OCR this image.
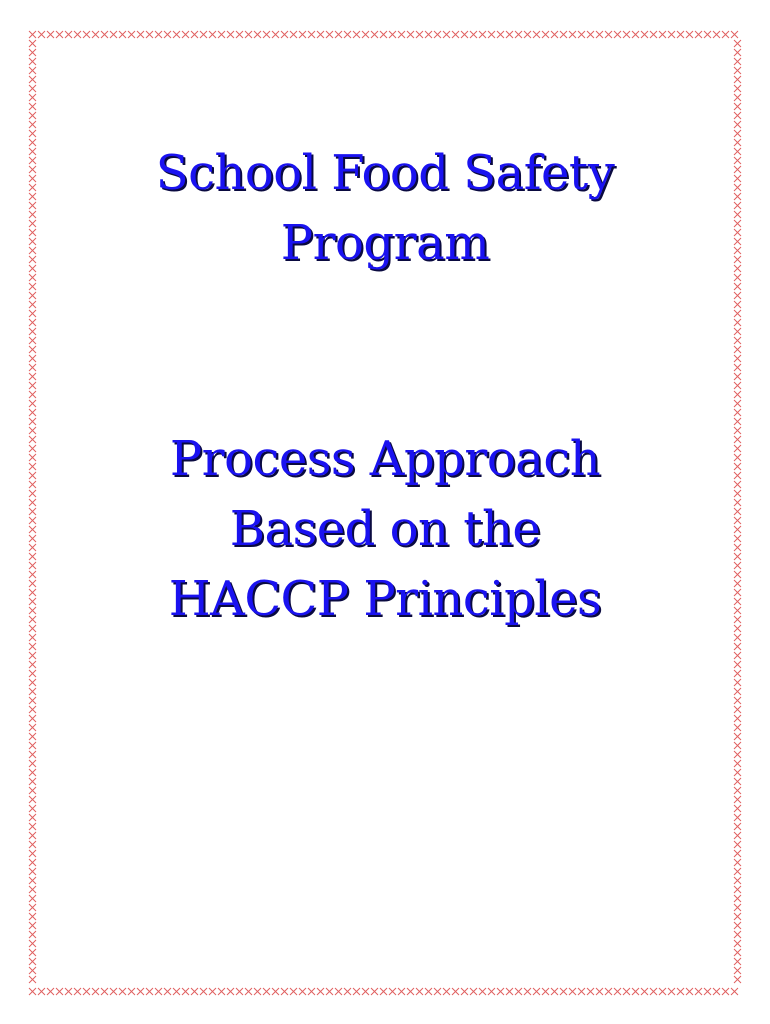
School Food Safety
Program
Process Approach
Based on the
HACCP Principles
